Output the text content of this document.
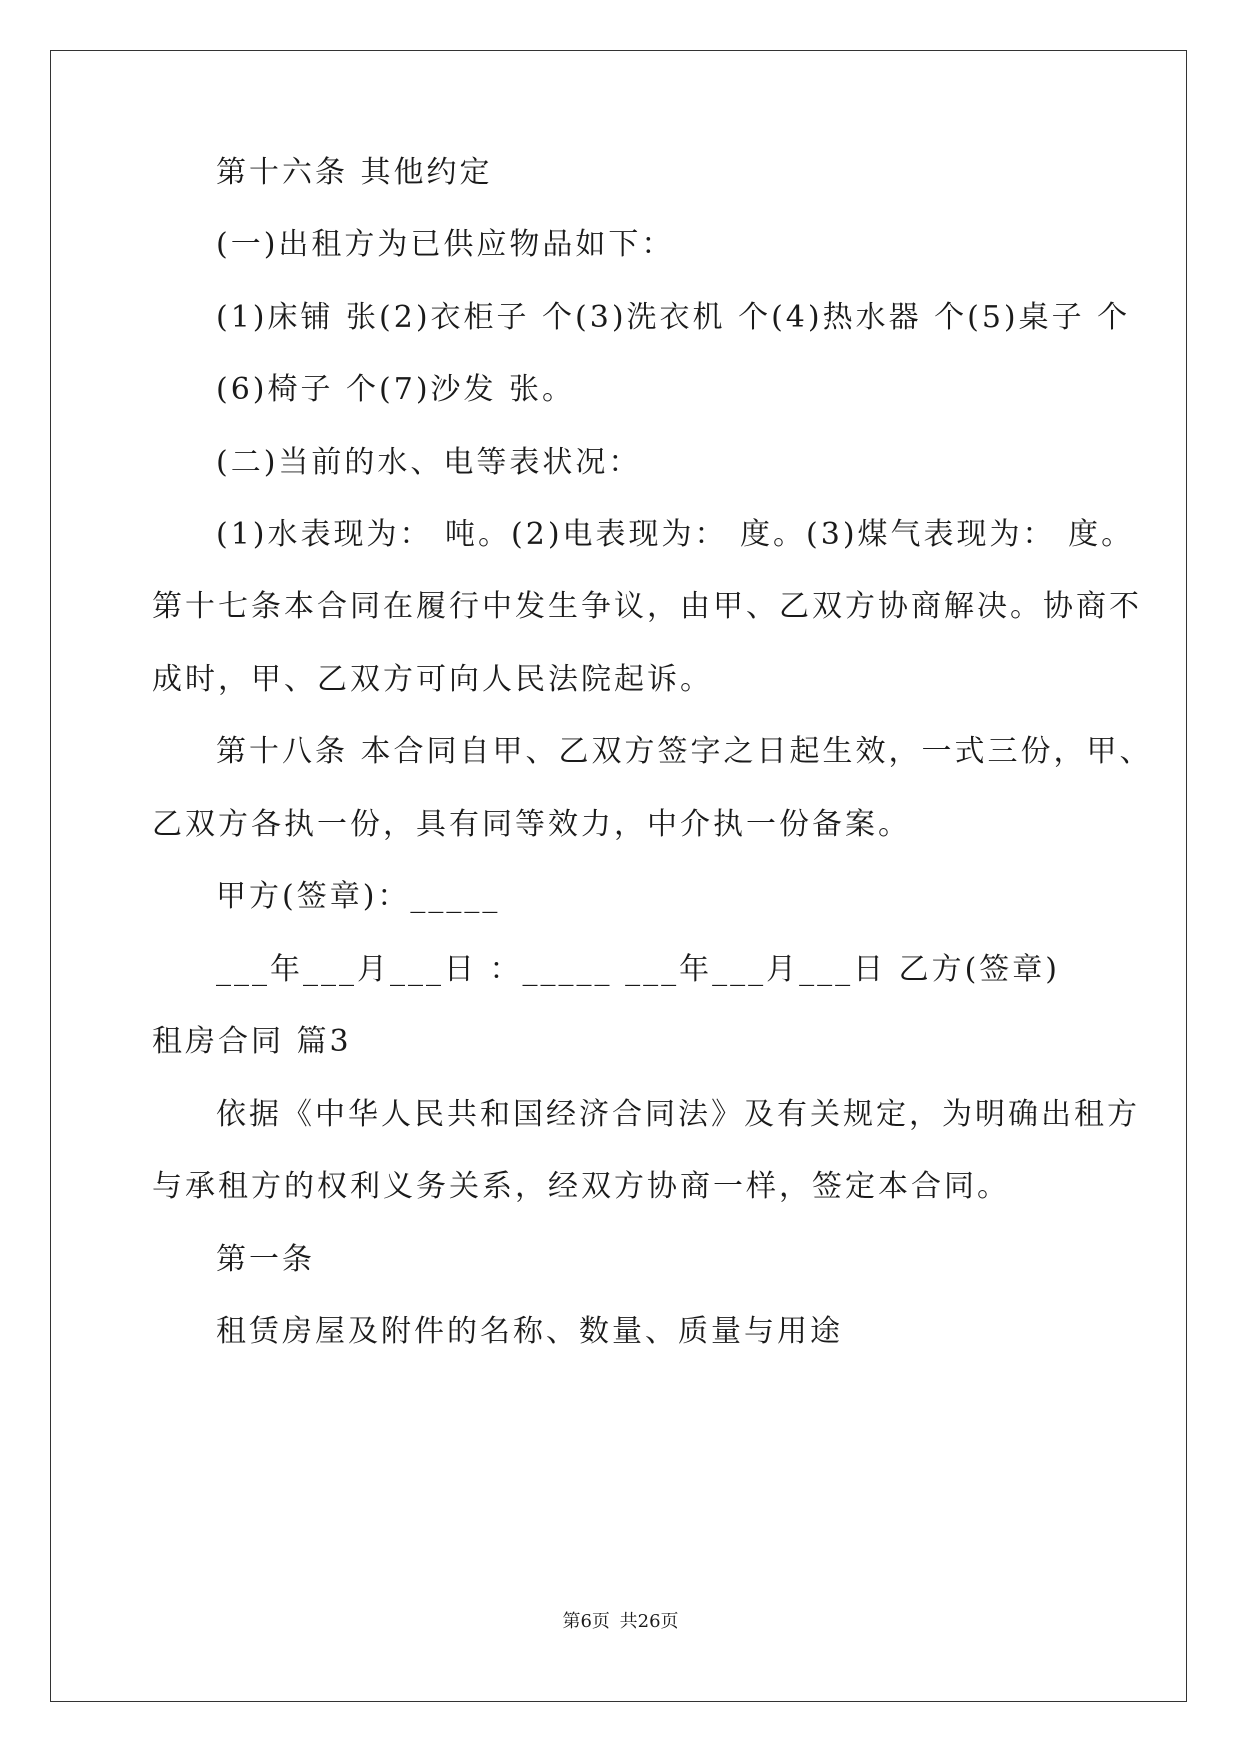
第十六条 其他约定
(一)出租方为已供应物品如下：
(1)床铺 张(2)衣柜子 个(3)洗衣机 个(4)热水器 个(5)桌子 个
(6)椅子 个(7)沙发 张。
(二)当前的水、电等表状况：
(1)水表现为： 吨。(2)电表现为： 度。(3)煤气表现为： 度。
第十七条本合同在履行中发生争议，由甲、乙双方协商解决。协商不
成时，甲、乙双方可向人民法院起诉。
第十八条 本合同自甲、乙双方签字之日起生效，一式三份，甲、
乙双方各执一份，具有同等效力，中介执一份备案。
甲方(签章)：_____
___年___月___日 ：_____ ___年___月___日 乙方(签章)
租房合同 篇3
依据《中华人民共和国经济合同法》及有关规定，为明确出租方
与承租方的权利义务关系，经双方协商一样，签定本合同。
第一条
租赁房屋及附件的名称、数量、质量与用途
第6页 共26页
